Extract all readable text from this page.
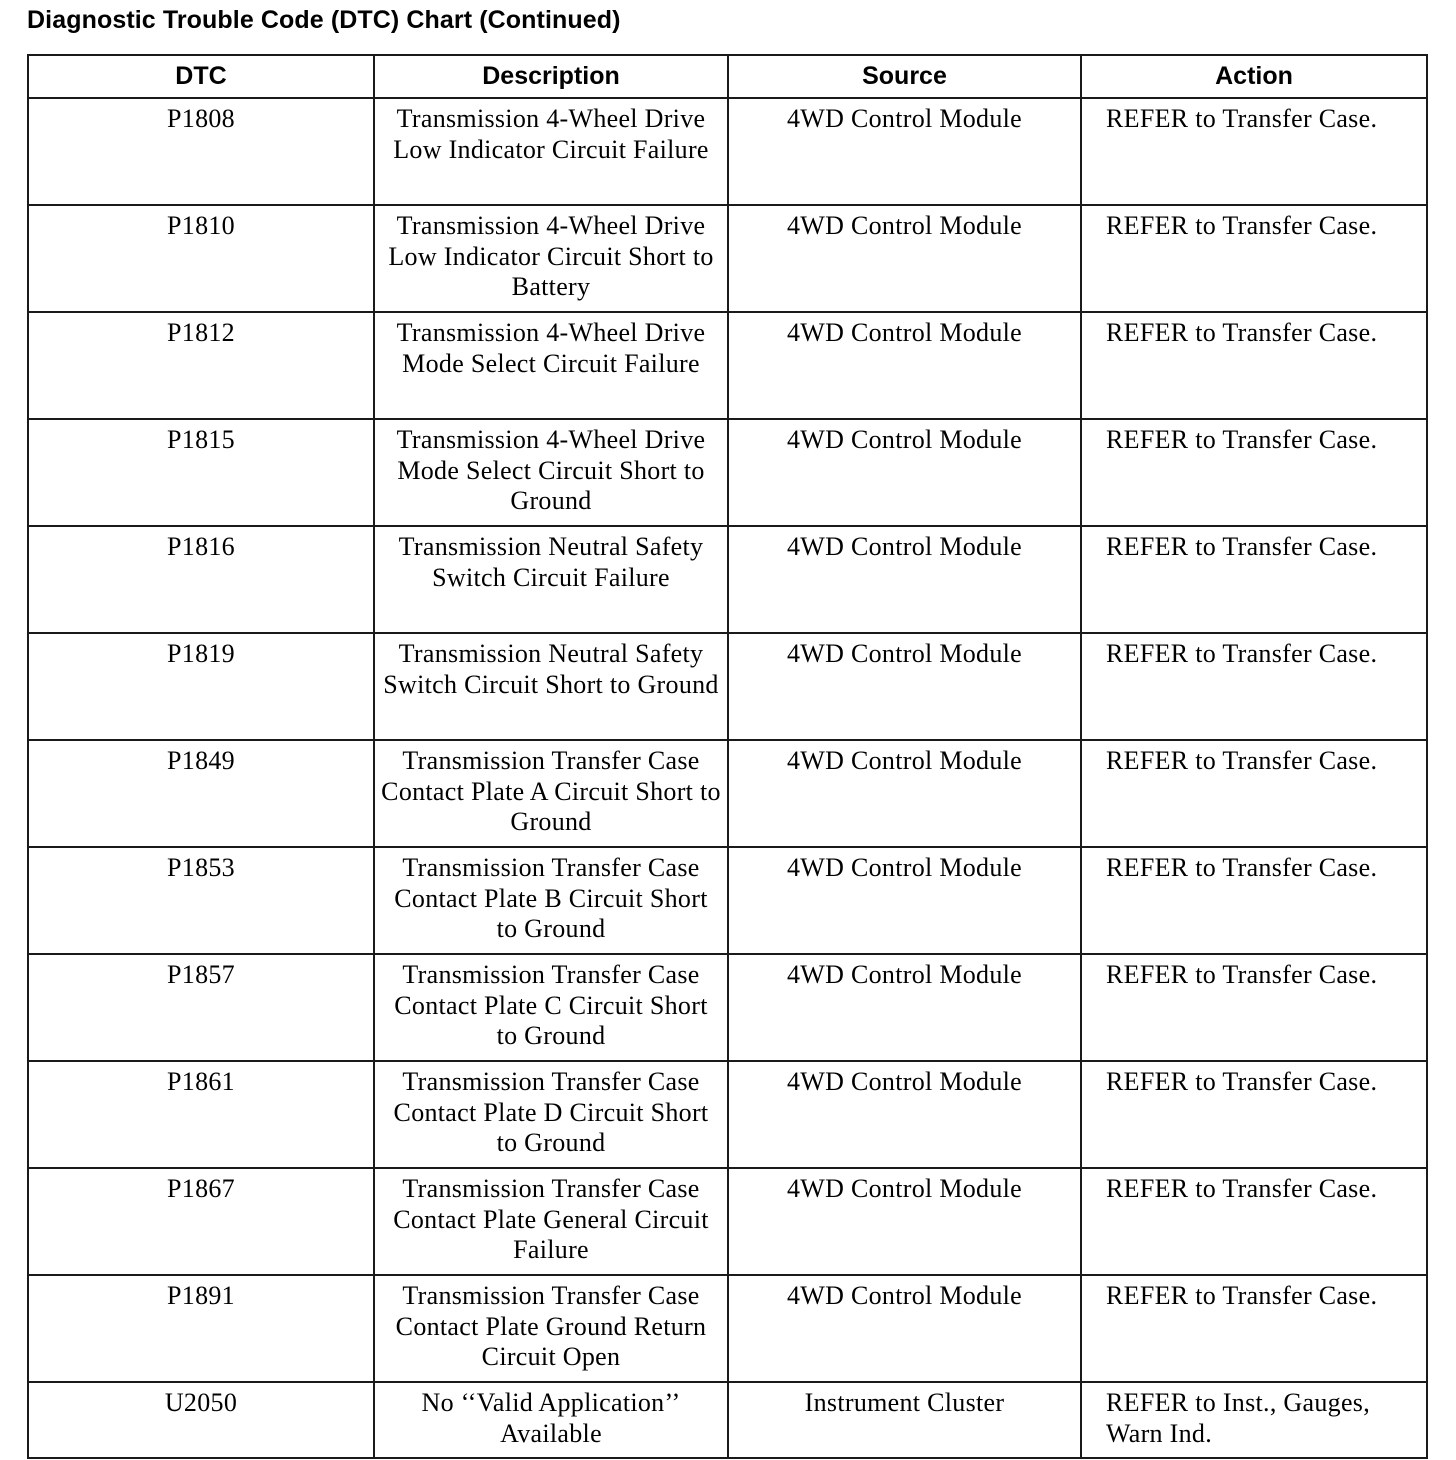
Diagnostic Trouble Code (DTC) Chart (Continued)
DTC	Description	Source	Action
P1808	Transmission 4-Wheel Drive Low Indicator Circuit Failure	4WD Control Module	REFER to Transfer Case.
P1810	Transmission 4-Wheel Drive Low Indicator Circuit Short to Battery	4WD Control Module	REFER to Transfer Case.
P1812	Transmission 4-Wheel Drive Mode Select Circuit Failure	4WD Control Module	REFER to Transfer Case.
P1815	Transmission 4-Wheel Drive Mode Select Circuit Short to Ground	4WD Control Module	REFER to Transfer Case.
P1816	Transmission Neutral Safety Switch Circuit Failure	4WD Control Module	REFER to Transfer Case.
P1819	Transmission Neutral Safety Switch Circuit Short to Ground	4WD Control Module	REFER to Transfer Case.
P1849	Transmission Transfer Case Contact Plate A Circuit Short to Ground	4WD Control Module	REFER to Transfer Case.
P1853	Transmission Transfer Case Contact Plate B Circuit Short to Ground	4WD Control Module	REFER to Transfer Case.
P1857	Transmission Transfer Case Contact Plate C Circuit Short to Ground	4WD Control Module	REFER to Transfer Case.
P1861	Transmission Transfer Case Contact Plate D Circuit Short to Ground	4WD Control Module	REFER to Transfer Case.
P1867	Transmission Transfer Case Contact Plate General Circuit Failure	4WD Control Module	REFER to Transfer Case.
P1891	Transmission Transfer Case Contact Plate Ground Return Circuit Open	4WD Control Module	REFER to Transfer Case.
U2050	No ‘‘Valid Application’’ Available	Instrument Cluster	REFER to Inst., Gauges, Warn Ind.
